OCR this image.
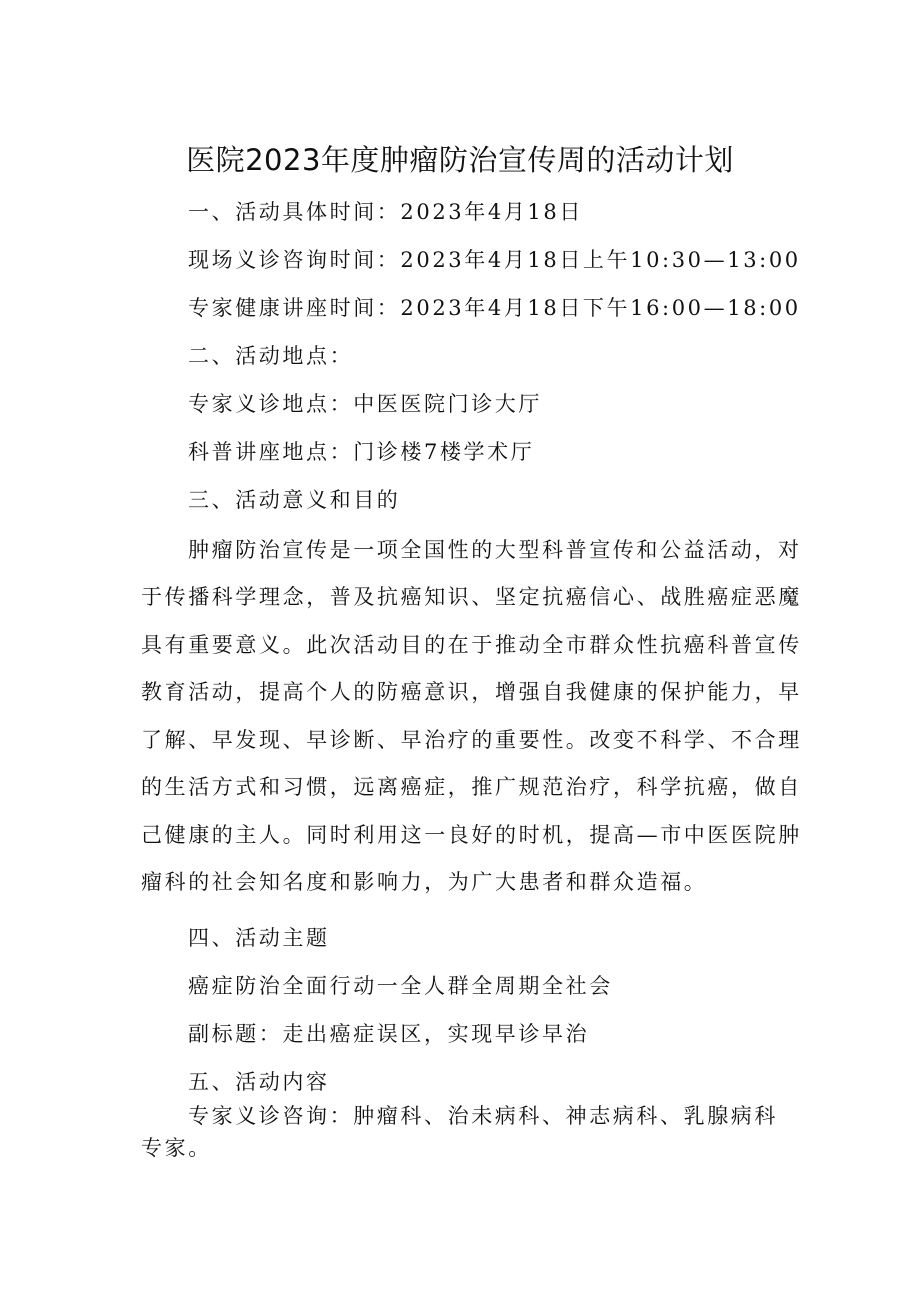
医院2023年度肿瘤防治宣传周的活动计划

一、活动具体时间：2023年4月18日

现场义诊咨询时间：2023年4月18日上午10:30—13:00

专家健康讲座时间：2023年4月18日下午16:00—18:00

二、活动地点：

专家义诊地点：中医医院门诊大厅

科普讲座地点：门诊楼7楼学术厅

三、活动意义和目的

肿瘤防治宣传是一项全国性的大型科普宣传和公益活动，对

于传播科学理念，普及抗癌知识、坚定抗癌信心、战胜癌症恶魔

具有重要意义。此次活动目的在于推动全市群众性抗癌科普宣传

教育活动，提高个人的防癌意识，增强自我健康的保护能力，早

了解、早发现、早诊断、早治疗的重要性。改变不科学、不合理

的生活方式和习惯，远离癌症，推广规范治疗，科学抗癌，做自

己健康的主人。同时利用这一良好的时机，提高—市中医医院肿

瘤科的社会知名度和影响力，为广大患者和群众造福。

四、活动主题

癌症防治全面行动一全人群全周期全社会

副标题：走出癌症误区，实现早诊早治

五、活动内容

专家义诊咨询：肿瘤科、治未病科、神志病科、乳腺病科

专家。
